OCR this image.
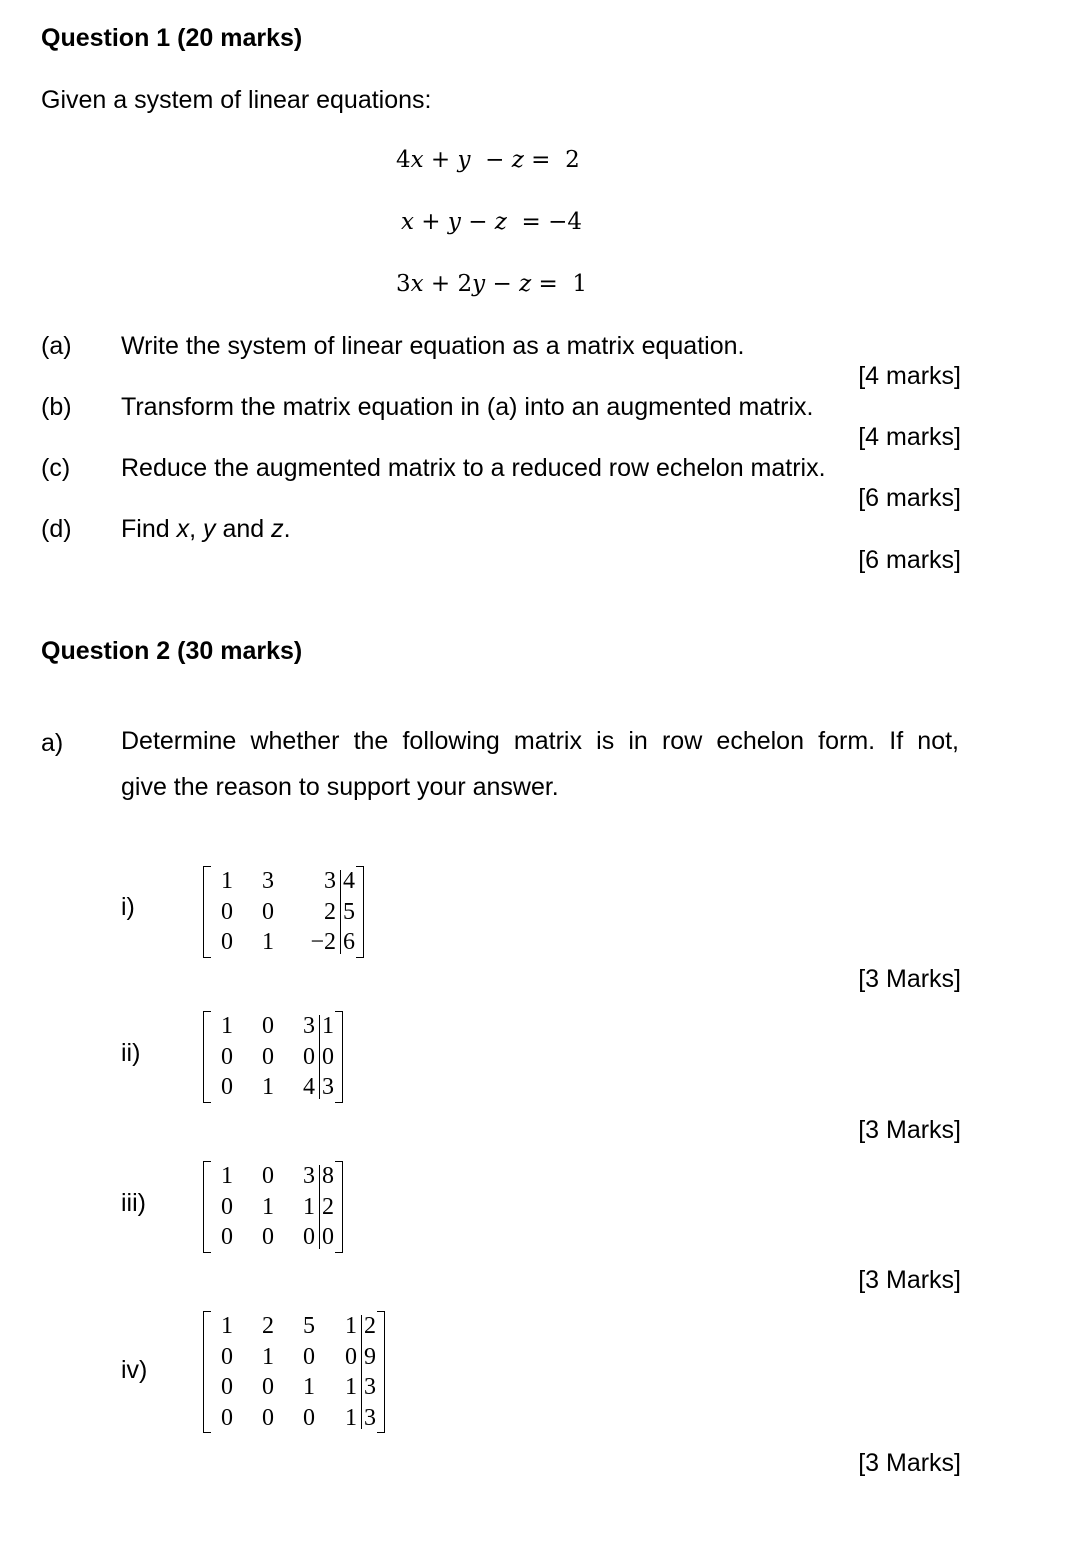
Question 1 (20 marks)
Given a system of linear equations:
4x + y  − z =  2
x + y − z  = −4
3x + 2y − z =  1
(a) Write the system of linear equation as a matrix equation.
[4 marks]
(b) Transform the matrix equation in (a) into an augmented matrix.
[4 marks]
(c) Reduce the augmented matrix to a reduced row echelon matrix.
[6 marks]
(d) Find x, y and z.
[6 marks]
Question 2 (30 marks)
a) Determine whether the following matrix is in row echelon form. If not,
give the reason to support your answer.
i)
1
0
0
3
0
1
3
2
−2
4
5
6
[3 Marks]
ii)
1
0
0
0
0
1
3
0
4
1
0
3
[3 Marks]
iii)
1
0
0
0
1
0
3
1
0
8
2
0
[3 Marks]
iv)
1
0
0
0
2
1
0
0
5
0
1
0
1
0
1
1
2
9
3
3
[3 Marks]
